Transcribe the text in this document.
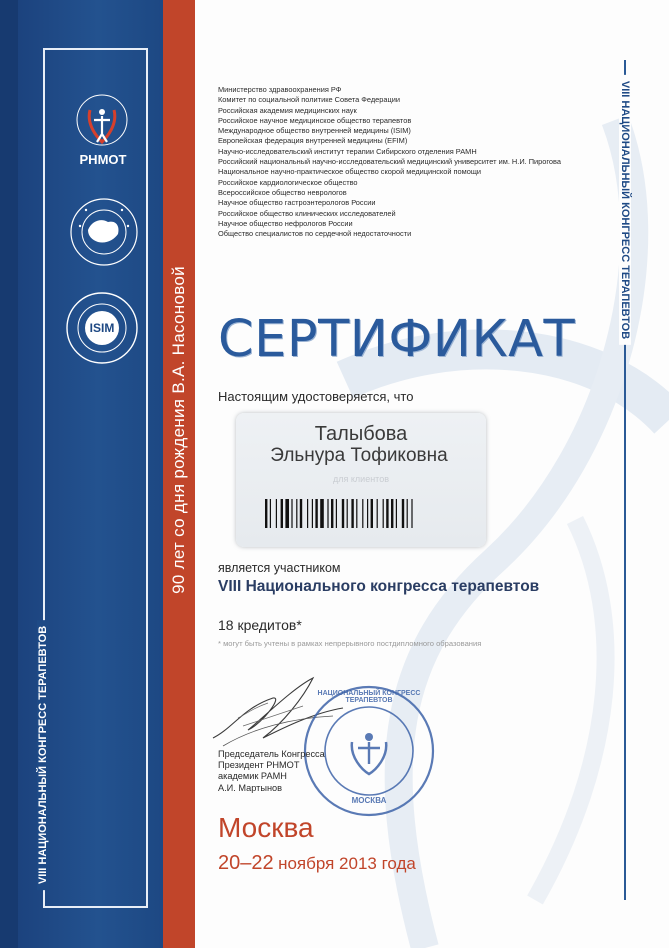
90 лет со дня рождения В.А. Насоновой
VIII НАЦИОНАЛЬНЫЙ КОНГРЕСС ТЕРАПЕВТОВ
VIII НАЦИОНАЛЬНЫЙ КОНГРЕСС ТЕРАПЕВТОВ
РНМОТ
ISIM
Министерство здравоохранения РФ
Комитет по социальной политике Совета Федерации
Российская академия медицинских наук
Российское научное медицинское общество терапевтов
Международное общество внутренней медицины (ISIM)
Европейская федерация внутренней медицины (EFIM)
Научно-исследовательский институт терапии Сибирского отделения РАМН
Российский национальный научно-исследовательский медицинский университет им. Н.И. Пирогова
Национальное научно-практическое общество скорой медицинской помощи
Российское кардиологическое общество
Всероссийское общество неврологов
Научное общество гастроэнтерологов России
Российское общество клинических исследователей
Научное общество нефрологов России
Общество специалистов по сердечной недостаточности
СЕРТИФИКАТ
Настоящим удостоверяется, что
Талыбова
Эльнура Тофиковна
для клиентов
является участником
VIII Национального конгресса терапевтов
18 кредитов*
* могут быть учтены в рамках непрерывного постдипломного образования
НАЦИОНАЛЬНЫЙ КОНГРЕСС ТЕРАПЕВТОВ
МОСКВА
Председатель Конгресса
Президент РНМОТ
академик РАМН
А.И. Мартынов
Москва
20–22 ноября 2013 года
